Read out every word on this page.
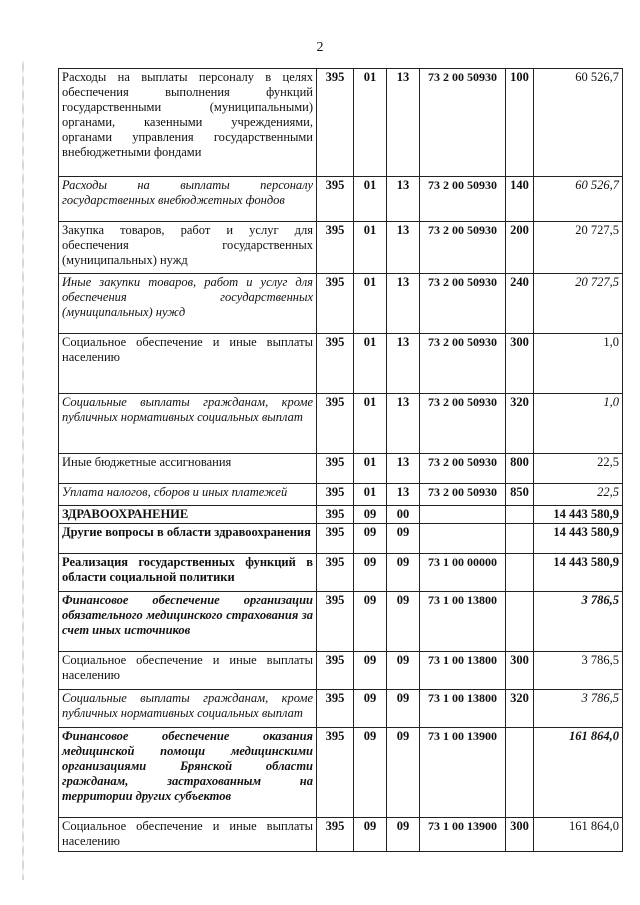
2
Расходы на выплаты персоналу в целях обеспечения выполнения функций государственными (муниципальными) органами, казенными учреждениями, органами управления государственными внебюджетными фондами	395	01	13	73 2 00 50930	100	60 526,7
Расходы на выплаты персоналу государственных внебюджетных фондов	395	01	13	73 2 00 50930	140	60 526,7
Закупка товаров, работ и услуг для обеспечения государственных (муниципальных) нужд	395	01	13	73 2 00 50930	200	20 727,5
Иные закупки товаров, работ и услуг для обеспечения государственных (муниципальных) нужд	395	01	13	73 2 00 50930	240	20 727,5
Социальное обеспечение и иные выплаты населению	395	01	13	73 2 00 50930	300	1,0
Социальные выплаты гражданам, кроме публичных нормативных социальных выплат	395	01	13	73 2 00 50930	320	1,0
Иные бюджетные ассигнования	395	01	13	73 2 00 50930	800	22,5
Уплата налогов, сборов и иных платежей	395	01	13	73 2 00 50930	850	22,5
ЗДРАВООХРАНЕНИЕ	395	09	00			14 443 580,9
Другие вопросы в области здравоохранения	395	09	09			14 443 580,9
Реализация государственных функций в области социальной политики	395	09	09	73 1 00 00000		14 443 580,9
Финансовое обеспечение организации обязательного медицинского страхования за счет иных источников	395	09	09	73 1 00 13800		3 786,5
Социальное обеспечение и иные выплаты населению	395	09	09	73 1 00 13800	300	3 786,5
Социальные выплаты гражданам, кроме публичных нормативных социальных выплат	395	09	09	73 1 00 13800	320	3 786,5
Финансовое обеспечение оказания медицинской помощи медицинскими организациями Брянской области гражданам, застрахованным на территории других субъектов	395	09	09	73 1 00 13900		161 864,0
Социальное обеспечение и иные выплаты населению	395	09	09	73 1 00 13900	300	161 864,0
